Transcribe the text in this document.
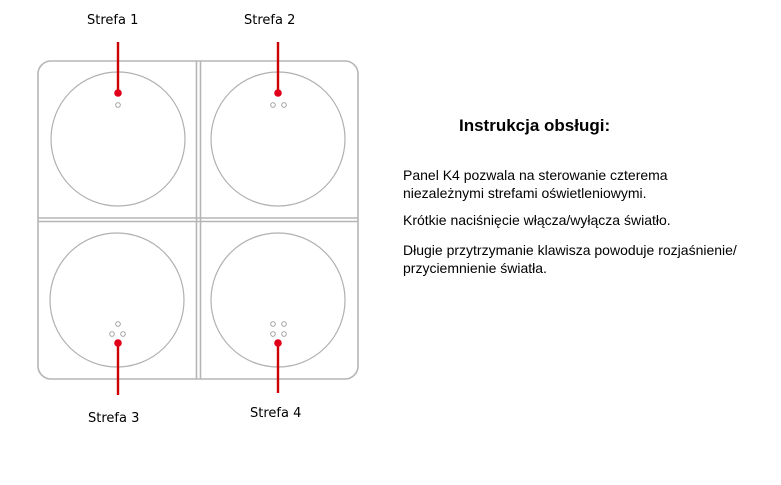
Strefa 1	Strefa 2
Strefa 3	Strefa 4
Instrukcja obsługi:

Panel K4 pozwala na sterowanie czterema niezależnymi strefami oświetleniowymi.

Krótkie naciśnięcie włącza/wyłącza światło.

Długie przytrzymanie klawisza powoduje rozjaśnienie/ przyciemnienie światła.
